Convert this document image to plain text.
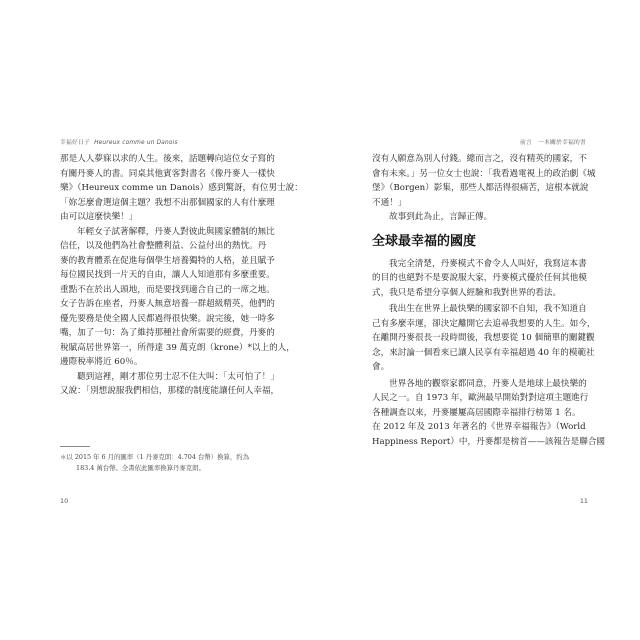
幸福好日子 Heureux comme un Danois
那是人人夢寐以求的人生。後來，話題轉向這位女子寫的
有關丹麥人的書。同桌其他賓客對書名《像丹麥人一樣快
樂》（Heureux comme un Danois）感到驚訝，有位男士說：
「妳怎麼會選這個主題？我想不出那個國家的人有什麼理
由可以這麼快樂！」
年輕女子試著解釋，丹麥人對彼此與國家體制的無比
信任，以及他們為社會整體利益、公益付出的熱忱。丹
麥的教育體系在促進每個學生培養獨特的人格，並且賦予
每位國民找到一片天的自由，讓人人知道那有多麼重要。
重點不在於出人頭地，而是要找到適合自己的一席之地。
女子告訴在座者，丹麥人無意培養一群超級精英，他們的
優先要務是使全國人民都過得很快樂。說完後，她一時多
嘴，加了一句：為了維持那種社會所需要的經費，丹麥的
稅賦高居世界第一，所得達 39 萬克朗（krone）*以上的人，
邊際稅率將近 60％。
聽到這裡，剛才那位男士忍不住大叫：「太可怕了！」
又說：「別想說服我們相信，那樣的制度能讓任何人幸福，
＊以 2015 年 6 月的匯率（1 丹麥克朗：4.704 台幣）換算，約為
183.4 萬台幣。全書依此匯率換算丹麥克朗。
10
前言　一本關於幸福的書
沒有人願意為別人付錢。總而言之，沒有精英的國家，不
會有未來。」另一位女士也說：「我看過電視上的政治劇《城
堡》（Borgen）影集，那些人都活得很痛苦，這根本就說
不通！」
故事到此為止，言歸正傳。
全球最幸福的國度
我完全清楚，丹麥模式不會令人人叫好，我寫這本書
的目的也絕對不是要說服大家，丹麥模式優於任何其他模
式，我只是希望分享個人經驗和我對世界的看法。
我出生在世界上最快樂的國家卻不自知，我不知道自
己有多麼幸運，卻決定離開它去追尋我想要的人生。如今，
在離開丹麥很長一段時間後，我想要從 10 個簡單的關鍵觀
念，來討論一個看來已讓人民享有幸福超過 40 年的模範社
會。
世界各地的觀察家都同意，丹麥人是地球上最快樂的
人民之一。自 1973 年，歐洲最早開始對對這項主題進行
各種調查以來，丹麥屢屢高居國際幸福排行榜第 1 名。
在 2012 年及 2013 年著名的《世界幸福報告》（World
Happiness Report）中，丹麥都是榜首——該報告是聯合國
11
